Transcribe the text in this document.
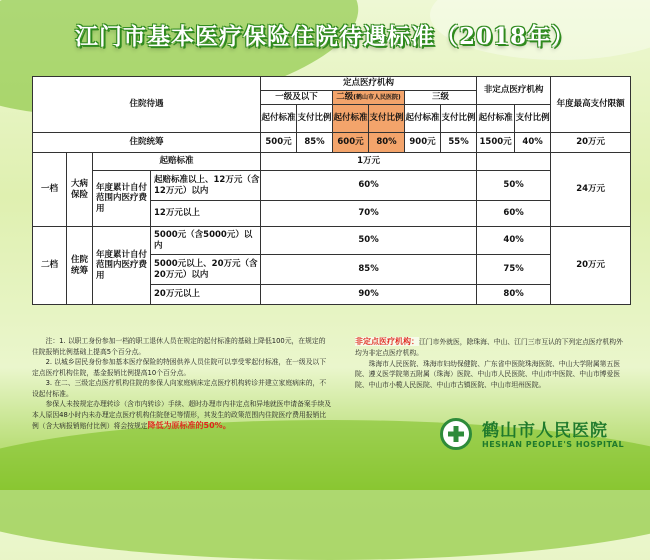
江门市基本医疗保险住院待遇标准（2018年）
住院待遇				定点医疗机构						非定点医疗机构		年度最高支付限额
				一级及以下		二级(鹤山市人民医院)		三级				
				起付标准	支付比例	起付标准	支付比例	起付标准	支付比例	起付标准	支付比例	
住院统筹				500元	85%	600元	80%	900元	55%	1500元	40%	20万元
一档	大病保险	起赔标准		1万元								24万元
		年度累计自付范围内医疗费用	起赔标准以上、12万元（含12万元）以内	60%						50%		
			12万元以上	70%						60%		
二档	住院统筹	年度累计自付范围内医疗费用	5000元（含5000元）以内	50%						40%		20万元
			5000元以上、20万元（含20万元）以内	85%						75%		
			20万元以上	90%						80%		

注：1. 以职工身份参加一档的职工退休人员在规定的起付标准的基础上降低100元，在规定的住院报销比例基础上提高5个百分点。

2. 以城乡居民身份参加基本医疗保险的特困供养人员住院可以享受零起付标准，在一级及以下定点医疗机构住院，基金报销比例提高10个百分点。

3. 在二、三级定点医疗机构住院的参保人向家庭病床定点医疗机构转诊并建立家庭病床的，不设起付标准。

参保人未按规定办理转诊（含市内转诊）手续、超时办理市内非定点和异地就医申请备案手续及本人原因48小时内未办理定点医疗机构住院登记等情形，其发生的政策范围内住院医疗费用报销比例（含大病报销赔付比例）将会按规定降低为原标准的50%。

非定点医疗机构：江门市外就医，除珠海、中山、江门三市互认的下列定点医疗机构外均为非定点医疗机构。

珠海市人民医院、珠海市妇幼保健院、广东省中医院珠海医院、中山大学附属第五医院、遵义医学院第五附属（珠海）医院、中山市人民医院、中山市中医院、中山市博爱医院、中山市小榄人民医院、中山市古镇医院、中山市坦州医院。

鹤山市人民医院
HESHAN PEOPLE'S HOSPITAL
